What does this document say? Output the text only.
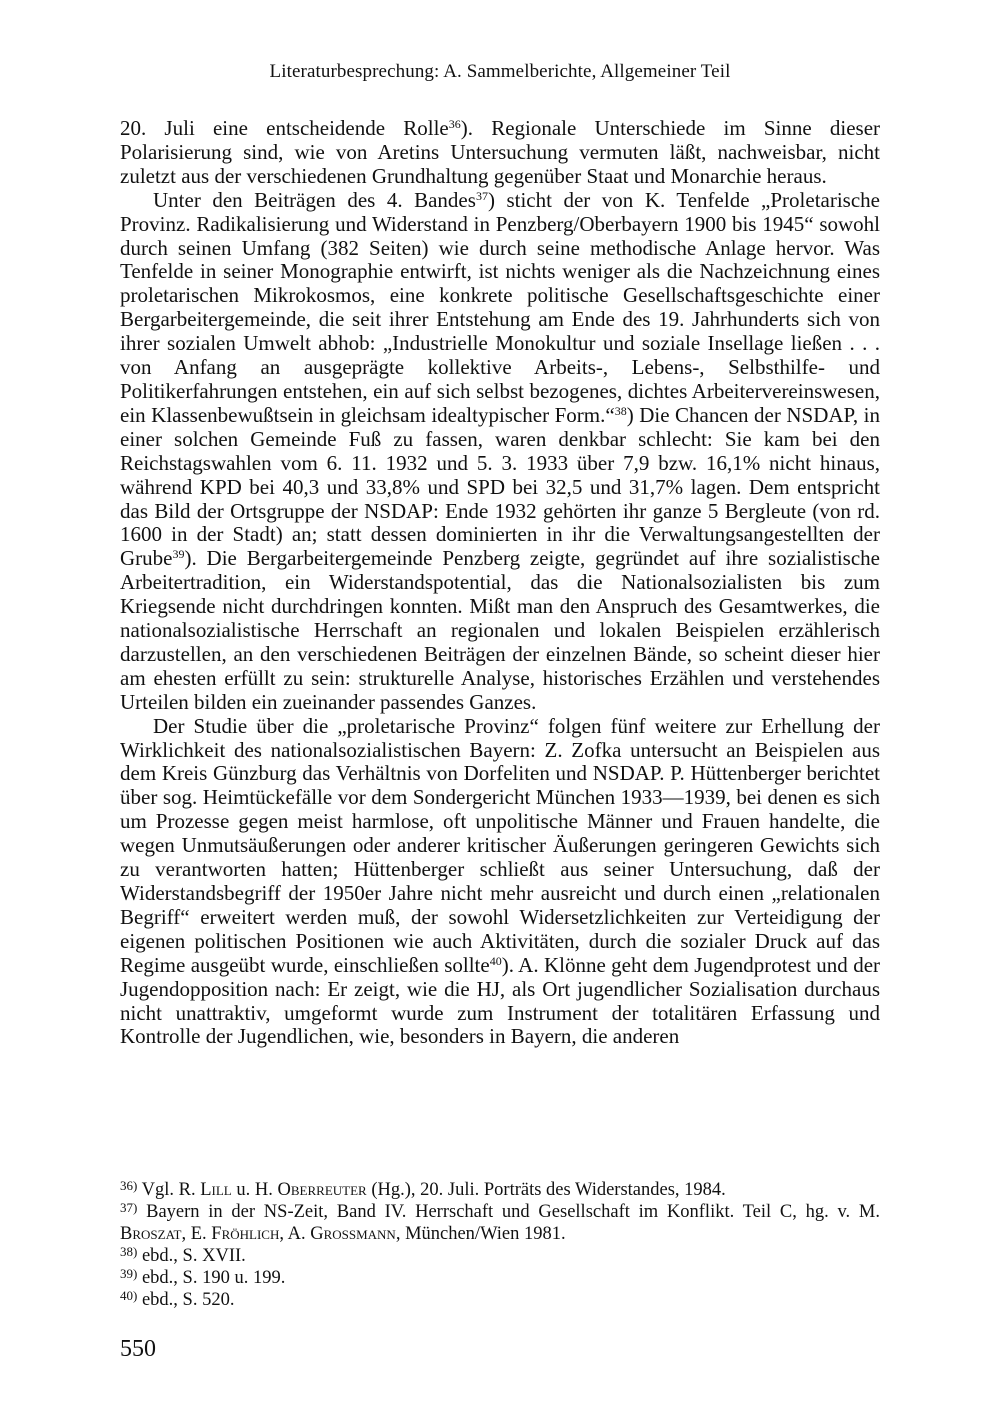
Literaturbesprechung: A. Sammelberichte, Allgemeiner Teil

20. Juli eine entscheidende Rolle$^{36}$). Regionale Unterschiede im Sinne dieser Polarisierung sind, wie von Aretins Untersuchung vermuten läßt, nachweisbar, nicht zuletzt aus der verschiedenen Grundhaltung gegenüber Staat und Monarchie heraus.

Unter den Beiträgen des 4. Bandes$^{37}$) sticht der von K. Tenfelde „Proletarische Provinz. Radikalisierung und Widerstand in Penzberg/Oberbayern 1900 bis 1945“ sowohl durch seinen Umfang (382 Seiten) wie durch seine methodische Anlage hervor. Was Tenfelde in seiner Monographie entwirft, ist nichts weniger als die Nachzeichnung eines proletarischen Mikrokosmos, eine konkrete politische Gesellschaftsgeschichte einer Bergarbeitergemeinde, die seit ihrer Entstehung am Ende des 19. Jahrhunderts sich von ihrer sozialen Umwelt abhob: „Industrielle Monokultur und soziale Insellage ließen . . . von Anfang an ausgeprägte kollektive Arbeits-, Lebens-, Selbsthilfe- und Politikerfahrungen entstehen, ein auf sich selbst bezogenes, dichtes Arbeitervereinswesen, ein Klassenbewußtsein in gleichsam idealtypischer Form.“$^{38}$) Die Chancen der NSDAP, in einer solchen Gemeinde Fuß zu fassen, waren denkbar schlecht: Sie kam bei den Reichstagswahlen vom 6. 11. 1932 und 5. 3. 1933 über 7,9 bzw. 16,1% nicht hinaus, während KPD bei 40,3 und 33,8% und SPD bei 32,5 und 31,7% lagen. Dem entspricht das Bild der Ortsgruppe der NSDAP: Ende 1932 gehörten ihr ganze 5 Bergleute (von rd. 1600 in der Stadt) an; statt dessen dominierten in ihr die Verwaltungsangestellten der Grube$^{39}$). Die Bergarbeitergemeinde Penzberg zeigte, gegründet auf ihre sozialistische Arbeitertradition, ein Widerstandspotential, das die Nationalsozialisten bis zum Kriegsende nicht durchdringen konnten. Mißt man den Anspruch des Gesamtwerkes, die nationalsozialistische Herrschaft an regionalen und lokalen Beispielen erzählerisch darzustellen, an den verschiedenen Beiträgen der einzelnen Bände, so scheint dieser hier am ehesten erfüllt zu sein: strukturelle Analyse, historisches Erzählen und verstehendes Urteilen bilden ein zueinander passendes Ganzes.

Der Studie über die „proletarische Provinz“ folgen fünf weitere zur Erhellung der Wirklichkeit des nationalsozialistischen Bayern: Z. Zofka untersucht an Beispielen aus dem Kreis Günzburg das Verhältnis von Dorfeliten und NSDAP. P. Hüttenberger berichtet über sog. Heimtückefälle vor dem Sondergericht München 1933—1939, bei denen es sich um Prozesse gegen meist harmlose, oft unpolitische Männer und Frauen handelte, die wegen Unmutsäußerungen oder anderer kritischer Äußerungen geringeren Gewichts sich zu verantworten hatten; Hüttenberger schließt aus seiner Untersuchung, daß der Widerstandsbegriff der 1950er Jahre nicht mehr ausreicht und durch einen „relationalen Begriff“ erweitert werden muß, der sowohl Widersetzlichkeiten zur Verteidigung der eigenen politischen Positionen wie auch Aktivitäten, durch die sozialer Druck auf das Regime ausgeübt wurde, einschließen sollte$^{40}$). A. Klönne geht dem Jugendprotest und der Jugendopposition nach: Er zeigt, wie die HJ, als Ort jugendlicher Sozialisation durchaus nicht unattraktiv, umgeformt wurde zum Instrument der totalitären Erfassung und Kontrolle der Jugendlichen, wie, besonders in Bayern, die anderen

$^{36)}$ Vgl. R. Lill u. H. Oberreuter (Hg.), 20. Juli. Porträts des Widerstandes, 1984.

$^{37)}$ Bayern in der NS-Zeit, Band IV. Herrschaft und Gesellschaft im Konflikt. Teil C, hg. v. M. Broszat, E. Fröhlich, A. Grossmann, München/Wien 1981.

$^{38)}$ ebd., S. XVII.

$^{39)}$ ebd., S. 190 u. 199.

$^{40)}$ ebd., S. 520.

550
